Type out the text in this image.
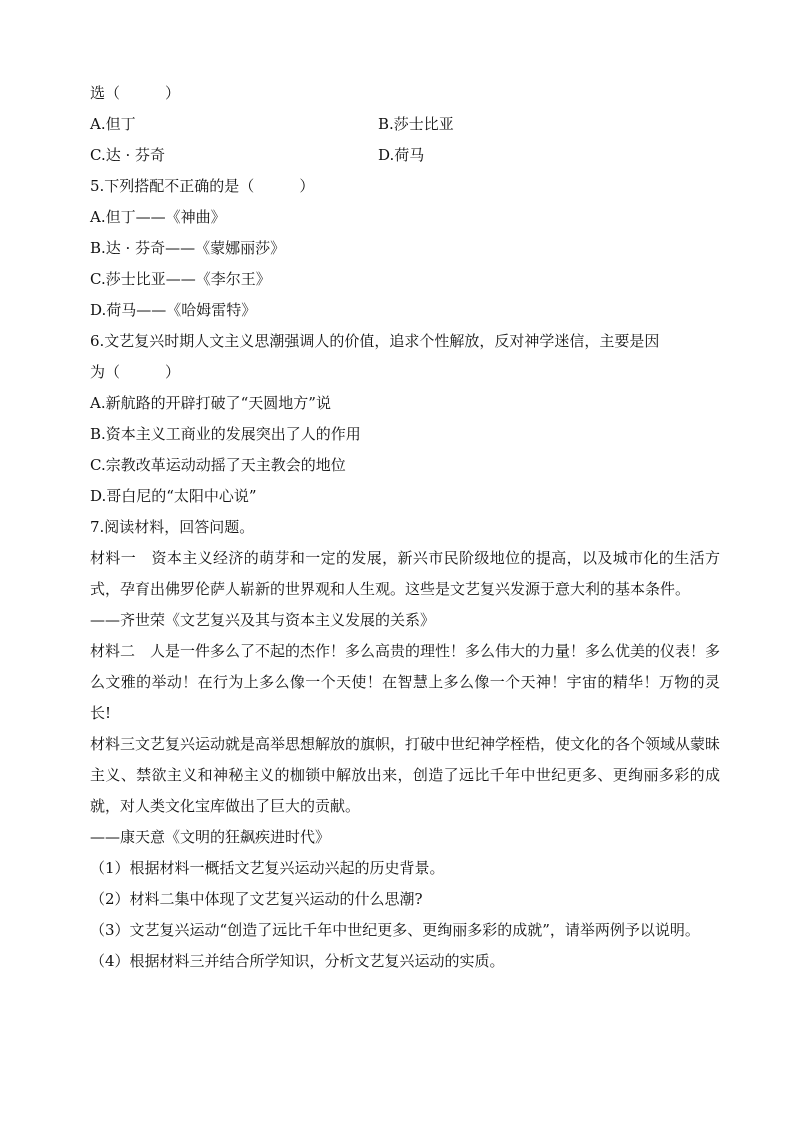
选（　　　）
A.但丁	B.莎士比亚
C.达 · 芬奇	D.荷马
5.下列搭配不正确的是（　　　）
A.但丁——《神曲》
B.达 · 芬奇——《蒙娜丽莎》
C.莎士比亚——《李尔王》
D.荷马——《哈姆雷特》
6.文艺复兴时期人文主义思潮强调人的价值，追求个性解放，反对神学迷信，主要是因
为（　　　）
A.新航路的开辟打破了“天圆地方”说
B.资本主义工商业的发展突出了人的作用
C.宗教改革运动动摇了天主教会的地位
D.哥白尼的“太阳中心说”
7.阅读材料，回答问题。
材料一　资本主义经济的萌芽和一定的发展，新兴市民阶级地位的提高，以及城市化的生活方式，孕育出佛罗伦萨人崭新的世界观和人生观。这些是文艺复兴发源于意大利的基本条件。
——齐世荣《文艺复兴及其与资本主义发展的关系》
材料二　人是一件多么了不起的杰作！多么高贵的理性！多么伟大的力量！多么优美的仪表！多么文雅的举动！在行为上多么像一个天使！在智慧上多么像一个天神！宇宙的精华！万物的灵长!
材料三文艺复兴运动就是高举思想解放的旗帜，打破中世纪神学桎梏，使文化的各个领域从蒙昧主义、禁欲主义和神秘主义的枷锁中解放出来，创造了远比千年中世纪更多、更绚丽多彩的成就，对人类文化宝库做出了巨大的贡献。
——康天意《文明的狂飙疾进时代》
（1）根据材料一概括文艺复兴运动兴起的历史背景。
（2）材料二集中体现了文艺复兴运动的什么思潮?
（3）文艺复兴运动“创造了远比千年中世纪更多、更绚丽多彩的成就”，请举两例予以说明。
（4）根据材料三并结合所学知识，分析文艺复兴运动的实质。
